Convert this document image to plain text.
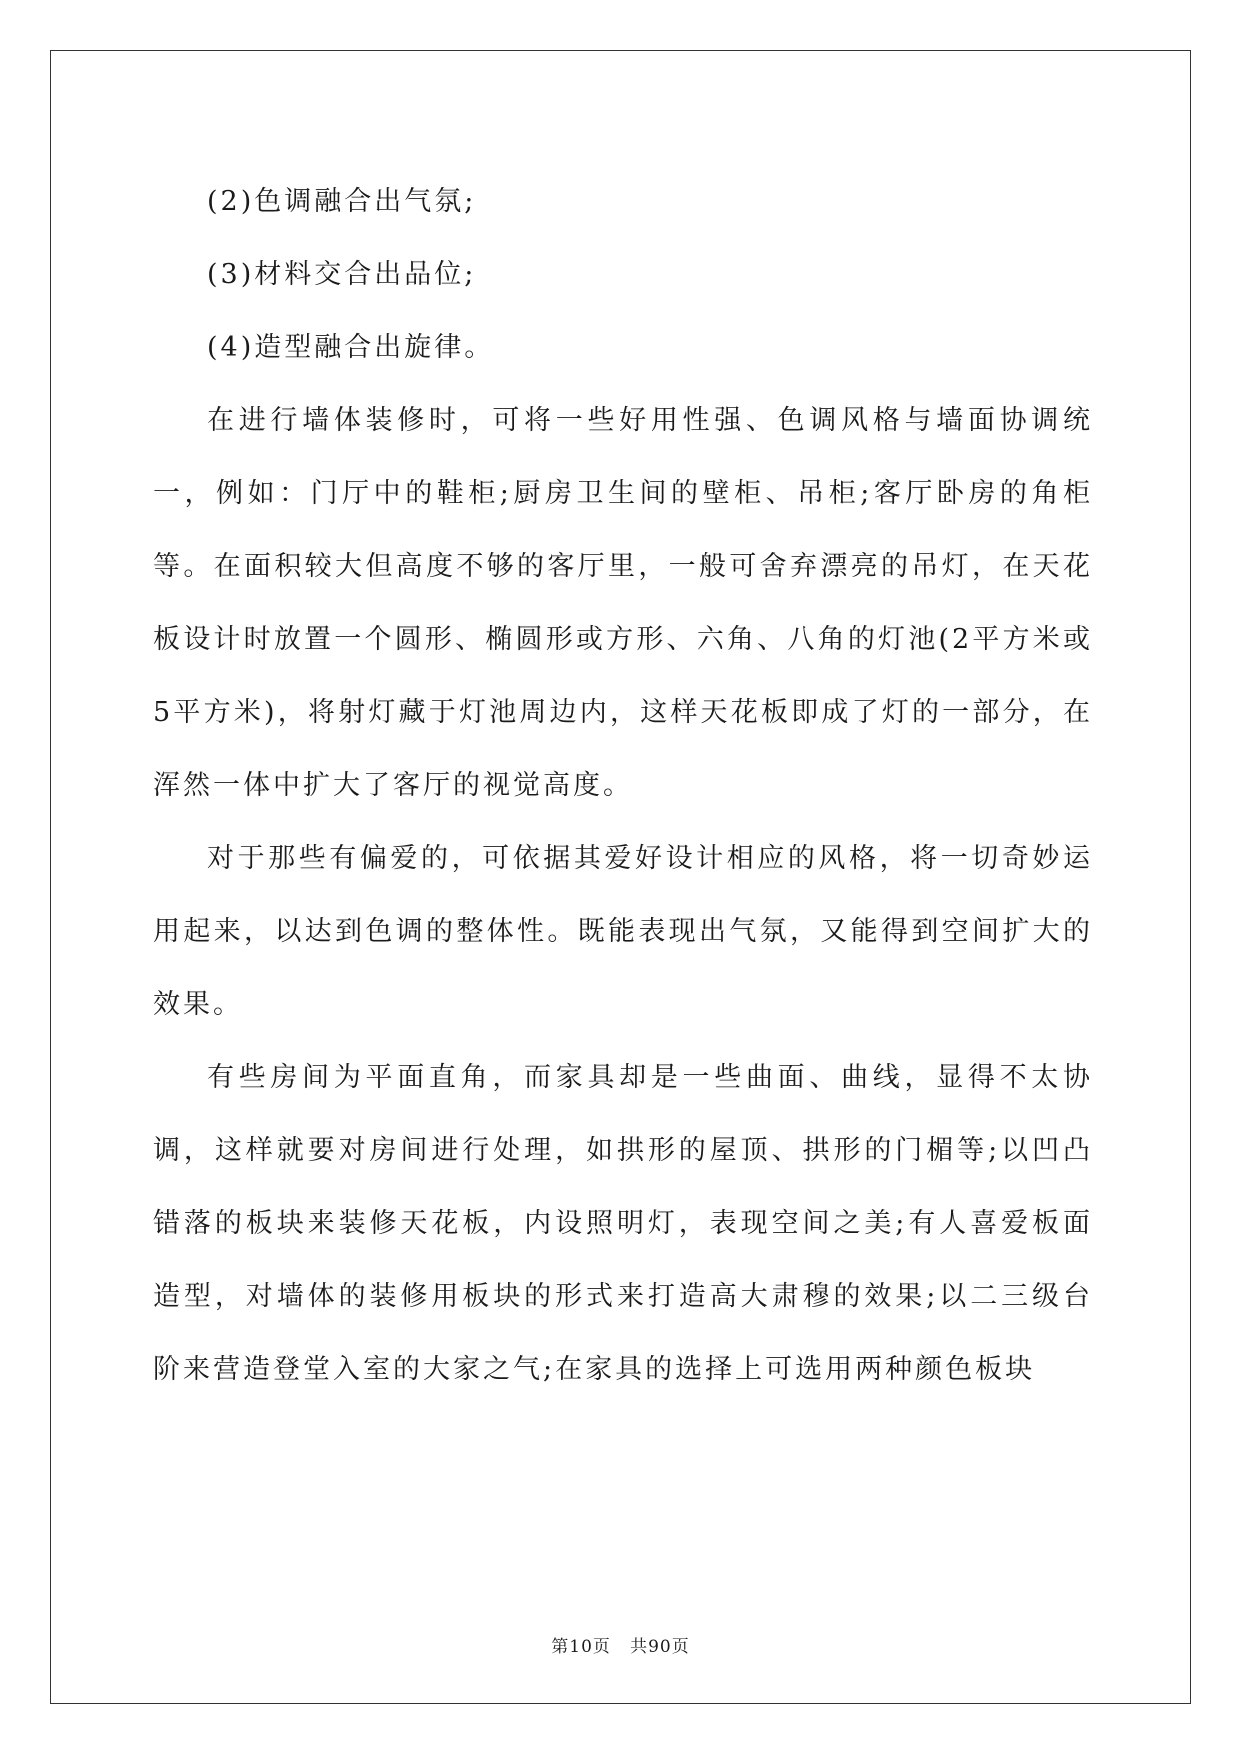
(2)色调融合出气氛;

(3)材料交合出品位;

(4)造型融合出旋律。

在进行墙体装修时，可将一些好用性强、色调风格与墙面协调统一，例如：门厅中的鞋柜;厨房卫生间的壁柜、吊柜;客厅卧房的角柜等。在面积较大但高度不够的客厅里，一般可舍弃漂亮的吊灯，在天花板设计时放置一个圆形、椭圆形或方形、六角、八角的灯池(2平方米或5平方米)，将射灯藏于灯池周边内，这样天花板即成了灯的一部分，在浑然一体中扩大了客厅的视觉高度。

对于那些有偏爱的，可依据其爱好设计相应的风格，将一切奇妙运用起来，以达到色调的整体性。既能表现出气氛，又能得到空间扩大的效果。

有些房间为平面直角，而家具却是一些曲面、曲线，显得不太协调，这样就要对房间进行处理，如拱形的屋顶、拱形的门楣等;以凹凸错落的板块来装修天花板，内设照明灯，表现空间之美;有人喜爱板面造型，对墙体的装修用板块的形式来打造高大肃穆的效果;以二三级台阶来营造登堂入室的大家之气;在家具的选择上可选用两种颜色板块

第10页   共90页
